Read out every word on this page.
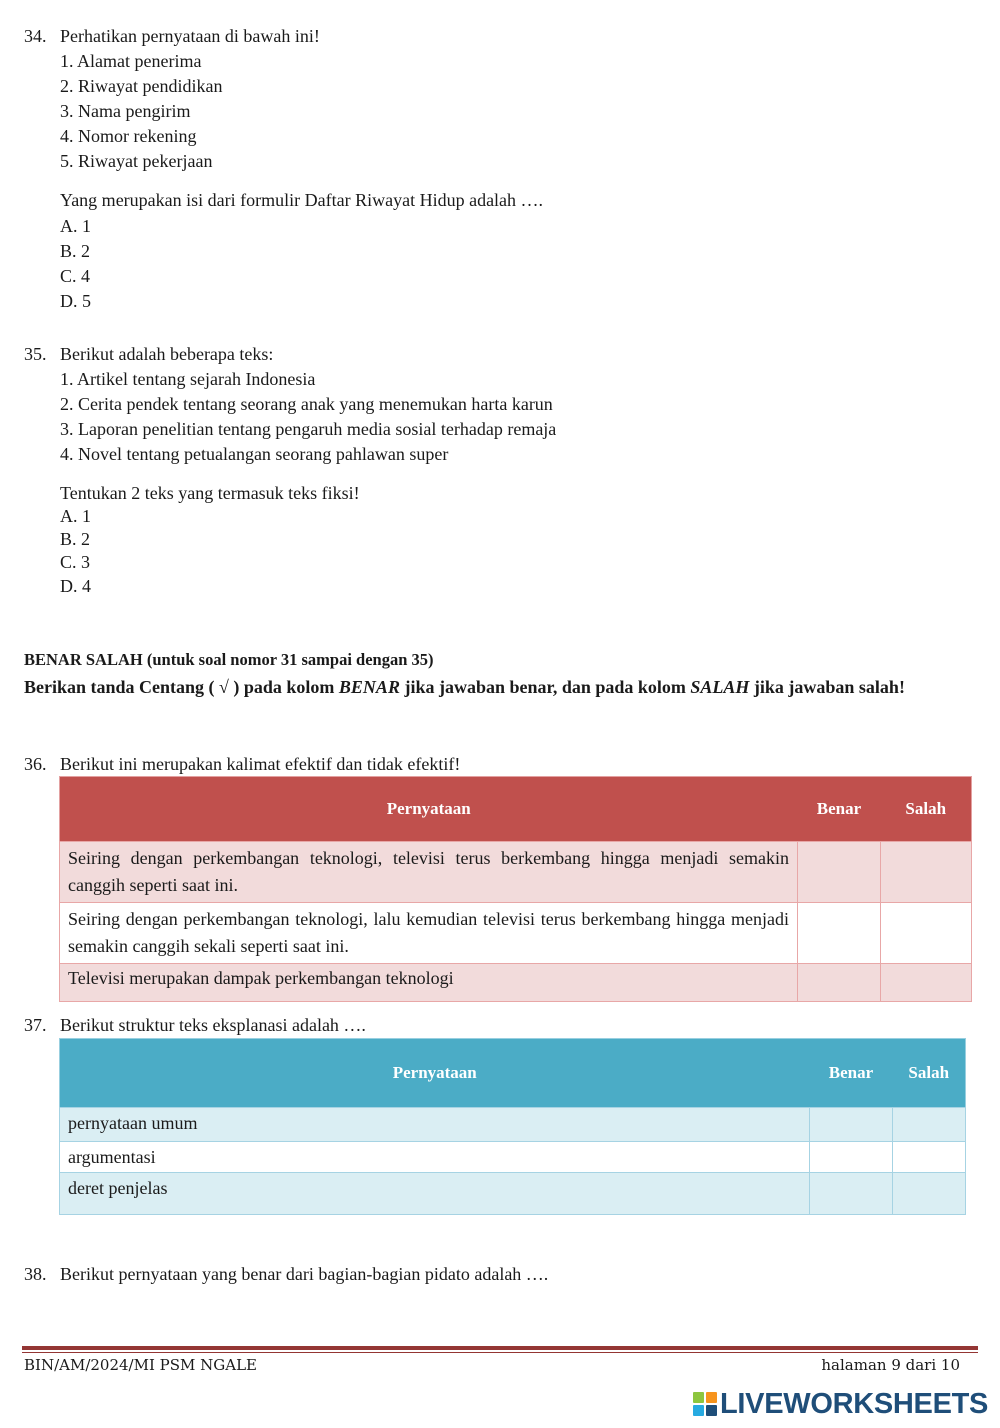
34. Perhatikan pernyataan di bawah ini!
1. Alamat penerima
2. Riwayat pendidikan
3. Nama pengirim
4. Nomor rekening
5. Riwayat pekerjaan
Yang merupakan isi dari formulir Daftar Riwayat Hidup adalah ….
A. 1
B. 2
C. 4
D. 5
35. Berikut adalah beberapa teks:
1. Artikel tentang sejarah Indonesia
2. Cerita pendek tentang seorang anak yang menemukan harta karun
3. Laporan penelitian tentang pengaruh media sosial terhadap remaja
4. Novel tentang petualangan seorang pahlawan super
Tentukan 2 teks yang termasuk teks fiksi!
A. 1
B. 2
C. 3
D. 4
BENAR SALAH (untuk soal nomor 31 sampai dengan 35)
Berikan tanda Centang ( √ ) pada kolom BENAR jika jawaban benar, dan pada kolom SALAH jika jawaban salah!
36. Berikut ini merupakan kalimat efektif dan tidak efektif!
Pernyataan	Benar	Salah
Seiring dengan perkembangan teknologi, televisi terus berkembang hingga menjadi semakin canggih seperti saat ini.		
Seiring dengan perkembangan teknologi, lalu kemudian televisi terus berkembang hingga menjadi semakin canggih sekali seperti saat ini.		
Televisi merupakan dampak perkembangan teknologi		
37. Berikut struktur teks eksplanasi adalah ….
Pernyataan	Benar	Salah
pernyataan umum		
argumentasi		
deret penjelas		
38. Berikut pernyataan yang benar dari bagian-bagian pidato adalah ….
BIN/AM/2024/MI PSM NGALE	halaman 9 dari 10
LIVEWORKSHEETS
